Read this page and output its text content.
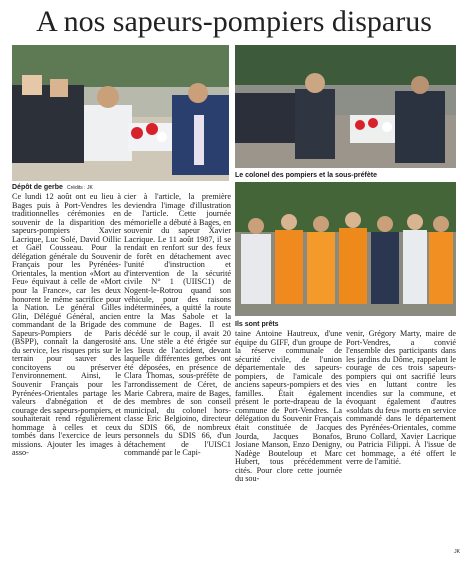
A nos sapeurs-pompiers disparus
Dépôt de gerbe Crédits : JK
Le colonel des pompiers et la sous-préfète
Ils sont prêts

Ce lundi 12 août ont eu lieu à Bages puis à Port-Vendres les traditionnelles cérémonies en souvenir de la disparition des sapeurs-pompiers Xavier Lacrique, Luc Solé, David Oillic et Gaël Cousseau. Pour la délégation générale du Souvenir Français pour les Pyrénées-Orientales, la mention «Mort au Feu» équivaut à celle de «Mort pour la France», car les deux honorent le même sacrifice pour la Nation. Le général Gilles Glin, Délégué Général, ancien commandant de la Brigade des Sapeurs-Pompiers de Paris (BSPP), connaît la dangerosité du service, les risques pris sur le terrain pour sauver des concitoyens ou préserver l'environnement. Ainsi, le Souvenir Français pour les Pyrénées-Orientales partage les valeurs d'abnégation et de courage des sapeurs-pompiers, et souhaiterait rend régulièrement hommage à celles et ceux tombés dans l'exercice de leurs missions. Ajouter les images à asso-

cier à l'article, la première deviendra l'image d'illustration de l'article. Cette journée mémorielle a débuté à Bages, en souvenir du sapeur Xavier Lacrique. Le 11 août 1987, il se rendait en renfort sur des feux de forêt en détachement avec l'unité d'instruction et d'intervention de la sécurité civile N° 1 (UIISC1) de Nogent-le-Rotrou quand son véhicule, pour des raisons indéterminées, a quitté la route entre la Mas Sabole et la commune de Bages. Il est décédé sur le coup, il avait 20 ans. Une stèle a été érigée sur les lieux de l'accident, devant laquelle différentes gerbes ont été déposées, en présence de Clara Thomas, sous-préfète de l'arrondissement de Céret, de Marie Cabrera, maire de Bages, des membres de son conseil municipal, du colonel hors-classe Eric Belgioino, directeur du SDIS 66, de nombreux personnels du SDIS 66, d'un détachement de l'UISC1 commandé par le Capi-

taine Antoine Hautreux, d'une équipe du GIFF, d'un groupe de la réserve communale de sécurité civile, de l'union départementale des sapeurs-pompiers, de l'amicale des anciens sapeurs-pompiers et des familles. Était également présent le porte-drapeau de la commune de Port-Vendres. La délégation du Souvenir Français était constituée de Jacques Jourda, Jacques Bonafos, Josiane Manson, Enzo Denigny, Nadège Bouteloup et Marc Hubert, tous précédemment cités. Pour clore cette journée du sou-

venir, Grégory Marty, maire de Port-Vendres, a convié l'ensemble des participants dans les jardins du Dôme, rappelant le courage de ces trois sapeurs-pompiers qui ont sacrifié leurs vies en luttant contre les incendies sur la commune, et évoquant également d'autres «soldats du feu» morts en service commandé dans le département des Pyrénées-Orientales, comme Bruno Collard, Xavier Lacrique ou Patricia Filippi. À l'issue de cet hommage, a été offert le verre de l'amitié.

JK
